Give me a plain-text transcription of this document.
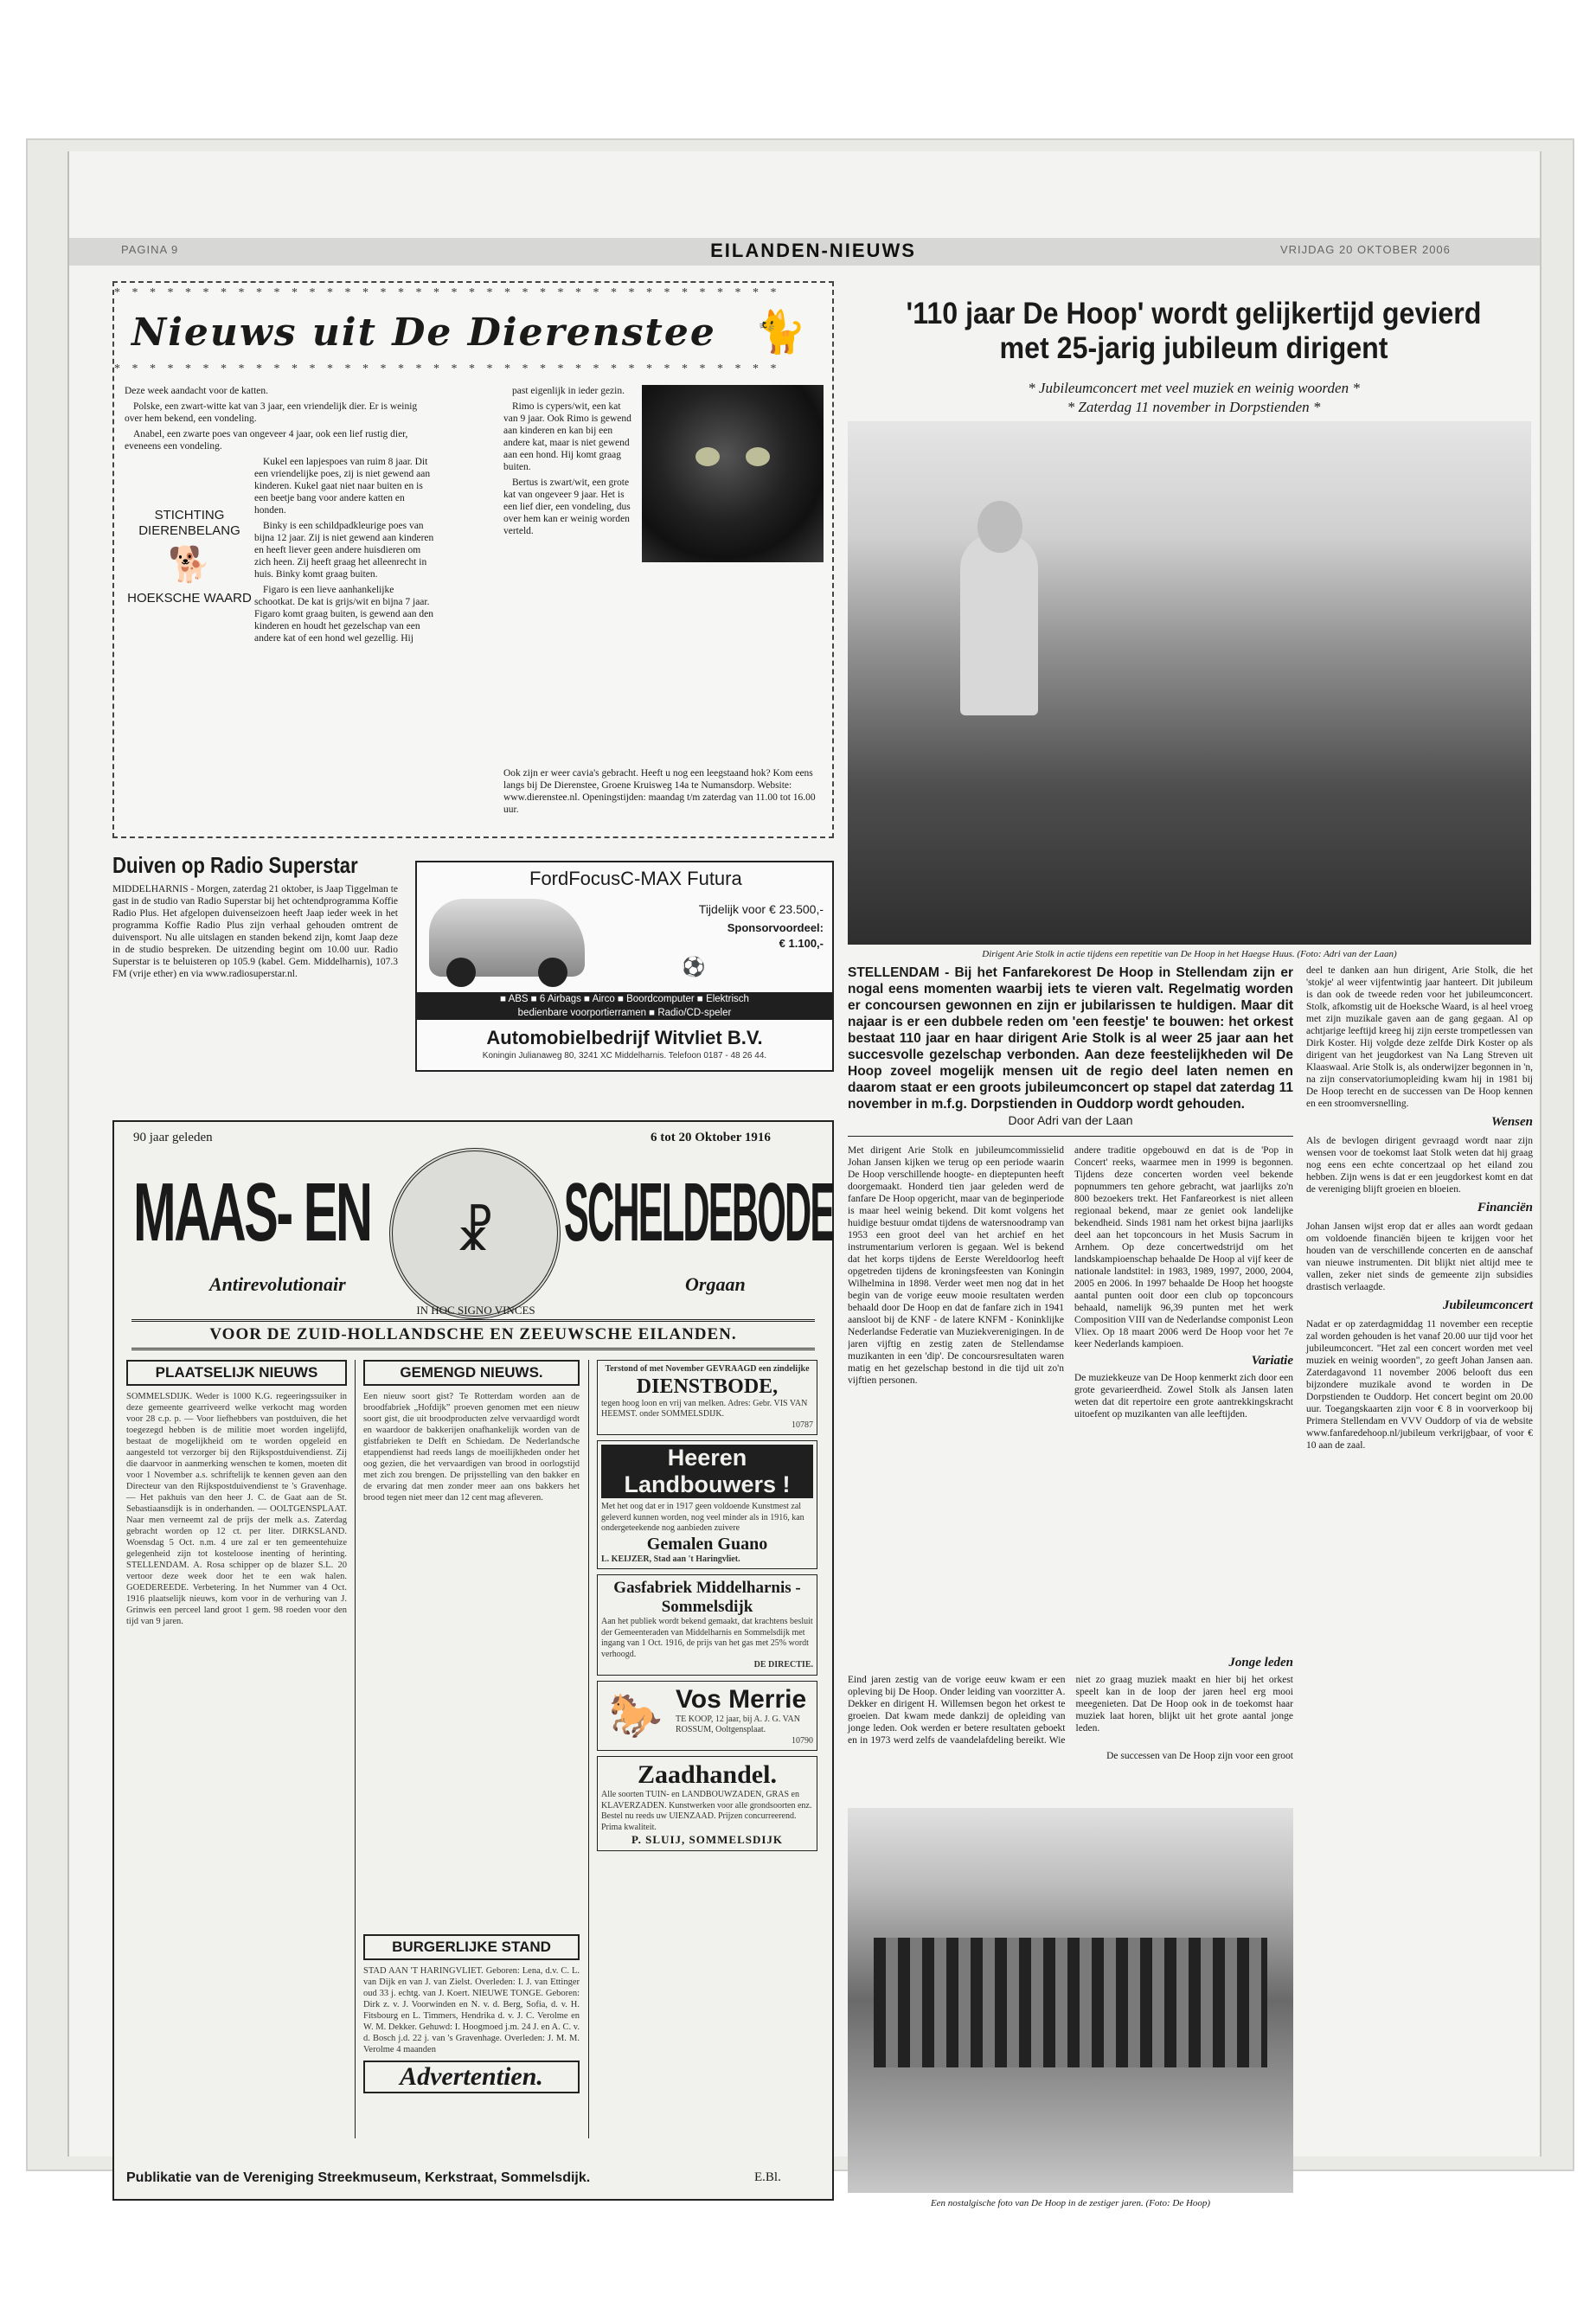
PAGINA 9	EILANDEN-NIEUWS	VRIJDAG 20 OKTOBER 2006
* * * * * * * * * * * * * * * * * * * * * * * * * * * * * * * * * * * * * *
Nieuws uit De Dierenstee 🐈
* * * * * * * * * * * * * * * * * * * * * * * * * * * * * * * * * * * * * *
Deze week aandacht voor de katten.

Polske, een zwart-witte kat van 3 jaar, een vriendelijk dier. Er is weinig over hem bekend, een vondeling.

Anabel, een zwarte poes van ongeveer 4 jaar, ook een lief rustig dier, eveneens een vondeling.

STICHTING DIERENBELANG
🐕
HOEKSCHE WAARD

Kukel een lapjespoes van ruim 8 jaar. Dit een vriendelijke poes, zij is niet gewend aan kinderen. Kukel gaat niet naar buiten en is een beetje bang voor andere katten en honden.

Binky is een schildpadkleurige poes van bijna 12 jaar. Zij is niet gewend aan kinderen en heeft liever geen andere huisdieren om zich heen. Zij heeft graag het alleenrecht in huis. Binky komt graag buiten.

Figaro is een lieve aanhankelijke schootkat. De kat is grijs/wit en bijna 7 jaar. Figaro komt graag buiten, is gewend aan den kinderen en houdt het gezelschap van een andere kat of een hond wel gezellig. Hij

past eigenlijk in ieder gezin.

Rimo is cypers/wit, een kat van 9 jaar. Ook Rimo is gewend aan kinderen en kan bij een andere kat, maar is niet gewend aan een hond. Hij komt graag buiten.

Bertus is zwart/wit, een grote kat van ongeveer 9 jaar. Het is een lief dier, een vondeling, dus over hem kan er weinig worden verteld.

Ook zijn er weer cavia's gebracht. Heeft u nog een leegstaand hok? Kom eens langs bij De Dierenstee, Groene Kruisweg 14a te Numansdorp. Website: www.dierenstee.nl. Openingstijden: maandag t/m zaterdag van 11.00 tot 16.00 uur.
Duiven op Radio Superstar
MIDDELHARNIS - Morgen, zaterdag 21 oktober, is Jaap Tiggelman te gast in de studio van Radio Superstar bij het ochtendprogramma Koffie Radio Plus. Het afgelopen duivenseizoen heeft Jaap ieder week in het programma Koffie Radio Plus zijn verhaal gehouden omtrent de duivensport. Nu alle uitslagen en standen bekend zijn, komt Jaap deze in de studio bespreken. De uitzending begint om 10.00 uur. Radio Superstar is te beluisteren op 105.9 (kabel. Gem. Middelharnis), 107.3 FM (vrije ether) en via www.radiosuperstar.nl.
FordFocusC-MAX Futura
Tijdelijk voor € 23.500,-
Sponsorvoordeel:
€ 1.100,-
⚽
■ ABS ■ 6 Airbags ■ Airco ■ Boordcomputer ■ Elektrisch
bedienbare voorportierramen ■ Radio/CD-speler
Automobielbedrijf Witvliet B.V.
Koningin Julianaweg 80, 3241 XC Middelharnis. Telefoon 0187 - 48 26 44.
90 jaar geleden	6 tot 20 Oktober 1916
MAAS- EN ☧ SCHELDEBODE
Antirevolutionair	Orgaan
IN HOC SIGNO VINCES
VOOR DE ZUID-HOLLANDSCHE EN ZEEUWSCHE EILANDEN.
PLAATSELIJK NIEUWS
SOMMELSDIJK. Weder is 1000 K.G. regeeringssuiker in deze gemeente gearriveerd welke verkocht mag worden voor 28 c.p. p. — Voor liefhebbers van postduiven, die het toegezegd hebben is de militie moet worden ingelijfd, bestaat de mogelijkheid om te worden opgeleid en aangesteld tot verzorger bij den Rijkspostduivendienst. Zij die daarvoor in aanmerking wenschen te komen, moeten dit voor 1 November a.s. schriftelijk te kennen geven aan den Directeur van den Rijkspostduivendienst te 's Gravenhage. — Het pakhuis van den heer J. C. de Gaat aan de St. Sebastiaansdijk is in onderhanden. — OOLTGENSPLAAT. Naar men verneemt zal de prijs der melk a.s. Zaterdag gebracht worden op 12 ct. per liter. DIRKSLAND. Woensdag 5 Oct. n.m. 4 ure zal er ten gemeentehuize gelegenheid zijn tot kosteloose inenting of herinting. STELLENDAM. A. Rosa schipper op de blazer S.L. 20 vertoor deze week door het te een wak halen. GOEDEREEDE. Verbetering. In het Nummer van 4 Oct. 1916 plaatselijk nieuws, kom voor in de verhuring van J. Grinwis een perceel land groot 1 gem. 98 roeden voor den tijd van 9 jaren.
GEMENGD NIEUWS.
Een nieuw soort gist? Te Rotterdam worden aan de broodfabriek „Hofdijk” proeven genomen met een nieuw soort gist, die uit broodproducten zelve vervaardigd wordt en waardoor de bakkerijen onafhankelijk worden van de gistfabrieken te Delft en Schiedam. De Nederlandsche etappendienst had reeds langs de moeilijkheden onder het oog gezien, die het vervaardigen van brood in oorlogstijd met zich zou brengen. De prijsstelling van den bakker en de ervaring dat men zonder meer aan ons bakkers het brood tegen niet meer dan 12 cent mag afleveren.
BURGERLIJKE STAND
STAD AAN 'T HARINGVLIET. Geboren: Lena, d.v. C. L. van Dijk en van J. van Zielst. Overleden: I. J. van Ettinger oud 33 j. echtg. van J. Koert. NIEUWE TONGE. Geboren: Dirk z. v. J. Voorwinden en N. v. d. Berg, Sofia, d. v. H. Fitsbourg en L. Timmers, Hendrika d. v. J. C. Verolme en W. M. Dekker. Gehuwd: I. Hoogmoed j.m. 24 J. en A. C. v. d. Bosch j.d. 22 j. van 's Gravenhage. Overleden: J. M. M. Verolme 4 maanden
Advertentien.
Terstond of met November GEVRAAGD een zindelijke
DIENSTBODE,
tegen hoog loon en vrij van melken. Adres: Gebr. VIS VAN HEEMST. onder SOMMELSDIJK.
10787
Heeren Landbouwers !
Met het oog dat er in 1917 geen voldoende Kunstmest zal geleverd kunnen worden, nog veel minder als in 1916, kan ondergeteekende nog aanbieden zuivere
Gemalen Guano
L. KEIJZER, Stad aan 't Haringvliet.
Gasfabriek Middelharnis - Sommelsdijk
Aan het publiek wordt bekend gemaakt, dat krachtens besluit der Gemeenteraden van Middelharnis en Sommelsdijk met ingang van 1 Oct. 1916, de prijs van het gas met 25% wordt verhoogd.
DE DIRECTIE.
🐎 Vos Merrie
TE KOOP, 12 jaar, bij A. J. G. VAN ROSSUM, Ooltgensplaat.
10790
Zaadhandel.
Alle soorten TUIN- en LANDBOUWZADEN, GRAS en KLAVERZADEN. Kunstwerken voor alle grondsoorten enz. Bestel nu reeds uw UIENZAAD. Prijzen concurreerend. Prima kwaliteit.
P. SLUIJ, SOMMELSDIJK
Publikatie van de Vereniging Streekmuseum, Kerkstraat, Sommelsdijk.	E.Bl.
'110 jaar De Hoop' wordt gelijkertijd gevierd
met 25-jarig jubileum dirigent
* Jubileumconcert met veel muziek en weinig woorden *
* Zaterdag 11 november in Dorpstienden *
Dirigent Arie Stolk in actie tijdens een repetitie van De Hoop in het Haegse Huus. (Foto: Adri van der Laan)
STELLENDAM - Bij het Fanfarekorest De Hoop in Stellendam zijn er nogal eens momenten waarbij iets te vieren valt. Regelmatig worden er concoursen gewonnen en zijn er jubilarissen te huldigen. Maar dit najaar is er een dubbele reden om 'een feestje' te bouwen: het orkest bestaat 110 jaar en haar dirigent Arie Stolk is al weer 25 jaar aan het succesvolle gezelschap verbonden. Aan deze feestelijkheden wil De Hoop zoveel mogelijk mensen uit de regio deel laten nemen en daarom staat er een groots jubileumconcert op stapel dat zaterdag 11 november in m.f.g. Dorpstienden in Ouddorp wordt gehouden.
Door Adri van der Laan
Met dirigent Arie Stolk en jubileumcommissielid Johan Jansen kijken we terug op een periode waarin De Hoop verschillende hoogte- en dieptepunten heeft doorgemaakt. Honderd tien jaar geleden werd de fanfare De Hoop opgericht, maar van de beginperiode is maar heel weinig bekend. Dit komt volgens het huidige bestuur omdat tijdens de watersnoodramp van 1953 een groot deel van het archief en het instrumentarium verloren is gegaan. Wel is bekend dat het korps tijdens de Eerste Wereldoorlog heeft opgetreden tijdens de kroningsfeesten van Koningin Wilhelmina in 1898. Verder weet men nog dat in het begin van de vorige eeuw mooie resultaten werden behaald door De Hoop en dat de fanfare zich in 1941 aansloot bij de KNF - de latere KNFM - Koninklijke Nederlandse Federatie van Muziekverenigingen. In de jaren vijftig en zestig zaten de Stellendamse muzikanten in een 'dip'. De concoursresultaten waren matig en het gezelschap bestond in die tijd uit zo'n vijftien personen.
andere traditie opgebouwd en dat is de 'Pop in Concert' reeks, waarmee men in 1999 is begonnen. Tijdens deze concerten worden veel bekende popnummers ten gehore gebracht, wat jaarlijks zo'n 800 bezoekers trekt. Het Fanfareorkest is niet alleen regionaal bekend, maar ze geniet ook landelijke bekendheid. Sinds 1981 nam het orkest bijna jaarlijks deel aan het topconcours in het Musis Sacrum in Arnhem. Op deze concertwedstrijd om het landskampioenschap behaalde De Hoop al vijf keer de nationale landstitel: in 1983, 1989, 1997, 2000, 2004, 2005 en 2006. In 1997 behaalde De Hoop het hoogste aantal punten ooit door een club op topconcours behaald, namelijk 96,39 punten met het werk Composition VIII van de Nederlandse componist Leon Vliex. Op 18 maart 2006 werd De Hoop voor het 7e keer Nederlands kampioen.
Variatie
De muziekkeuze van De Hoop kenmerkt zich door een grote gevarieerdheid. Zowel Stolk als Jansen laten weten dat dit repertoire een grote aantrekkingskracht uitoefent op muzikanten van alle leeftijden.
Jonge leden
Eind jaren zestig van de vorige eeuw kwam er een opleving bij De Hoop. Onder leiding van voorzitter A. Dekker en dirigent H. Willemsen begon het orkest te groeien. Dat kwam mede dankzij de opleiding van jonge leden. Ook werden er betere resultaten geboekt en in 1973 werd zelfs de vaandelafdeling bereikt. Wie niet zo graag muziek maakt en hier bij het orkest speelt kan in de loop der jaren heel erg mooi meegenieten. Dat De Hoop ook in de toekomst haar muziek laat horen, blijkt uit het grote aantal jonge leden.
De successen van De Hoop zijn voor een groot
Een nostalgische foto van De Hoop in de zestiger jaren. (Foto: De Hoop)
deel te danken aan hun dirigent, Arie Stolk, die het 'stokje' al weer vijfentwintig jaar hanteert. Dit jubileum is dan ook de tweede reden voor het jubileumconcert. Stolk, afkomstig uit de Hoeksche Waard, is al heel vroeg met zijn muzikale gaven aan de gang gegaan. Al op achtjarige leeftijd kreeg hij zijn eerste trompetlessen van Dirk Koster. Hij volgde deze zelfde Dirk Koster op als dirigent van het jeugdorkest van Na Lang Streven uit Klaaswaal. Arie Stolk is, als onderwijzer begonnen in 'n, na zijn conservatoriumopleiding kwam hij in 1981 bij De Hoop terecht en de successen van De Hoop kennen en een stroomversnelling.
Wensen
Als de bevlogen dirigent gevraagd wordt naar zijn wensen voor de toekomst laat Stolk weten dat hij graag nog eens een echte concertzaal op het eiland zou hebben. Zijn wens is dat er een jeugdorkest komt en dat de vereniging blijft groeien en bloeien.
Financiën
Johan Jansen wijst erop dat er alles aan wordt gedaan om voldoende financiën bijeen te krijgen voor het houden van de verschillende concerten en de aanschaf van nieuwe instrumenten. Dit blijkt niet altijd mee te vallen, zeker niet sinds de gemeente zijn subsidies drastisch verlaagde.
Jubileumconcert
Nadat er op zaterdagmiddag 11 november een receptie zal worden gehouden is het vanaf 20.00 uur tijd voor het jubileumconcert. "Het zal een concert worden met veel muziek en weinig woorden", zo geeft Johan Jansen aan. Zaterdagavond 11 november 2006 belooft dus een bijzondere muzikale avond te worden in De Dorpstienden te Ouddorp. Het concert begint om 20.00 uur. Toegangskaarten zijn voor € 8 in voorverkoop bij Primera Stellendam en VVV Ouddorp of via de website www.fanfaredehoop.nl/jubileum verkrijgbaar, of voor € 10 aan de zaal.
